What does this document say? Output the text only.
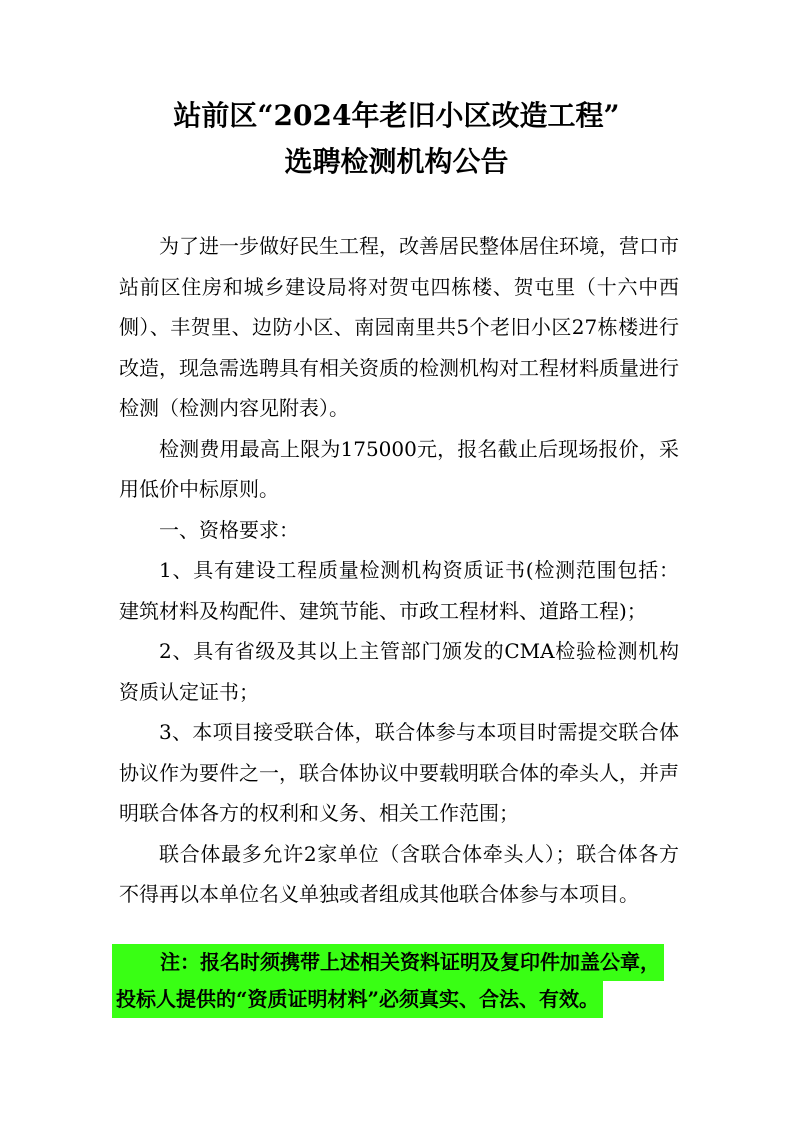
站前区“2024年老旧小区改造工程”
选聘检测机构公告

为了进一步做好民生工程，改善居民整体居住环境，营口市站前区住房和城乡建设局将对贺屯四栋楼、贺屯里（十六中西侧）、丰贺里、边防小区、南园南里共5个老旧小区27栋楼进行改造，现急需选聘具有相关资质的检测机构对工程材料质量进行检测（检测内容见附表）。

检测费用最高上限为175000元，报名截止后现场报价，采用低价中标原则。

一、资格要求：

1、具有建设工程质量检测机构资质证书(检测范围包括：建筑材料及构配件、建筑节能、市政工程材料、道路工程)；

2、具有省级及其以上主管部门颁发的CMA检验检测机构资质认定证书；

3、本项目接受联合体，联合体参与本项目时需提交联合体协议作为要件之一，联合体协议中要载明联合体的牵头人，并声明联合体各方的权利和义务、相关工作范围；

联合体最多允许2家单位（含联合体牵头人）；联合体各方不得再以本单位名义单独或者组成其他联合体参与本项目。

注：报名时须携带上述相关资料证明及复印件加盖公章，
投标人提供的“资质证明材料”必须真实、合法、有效。
